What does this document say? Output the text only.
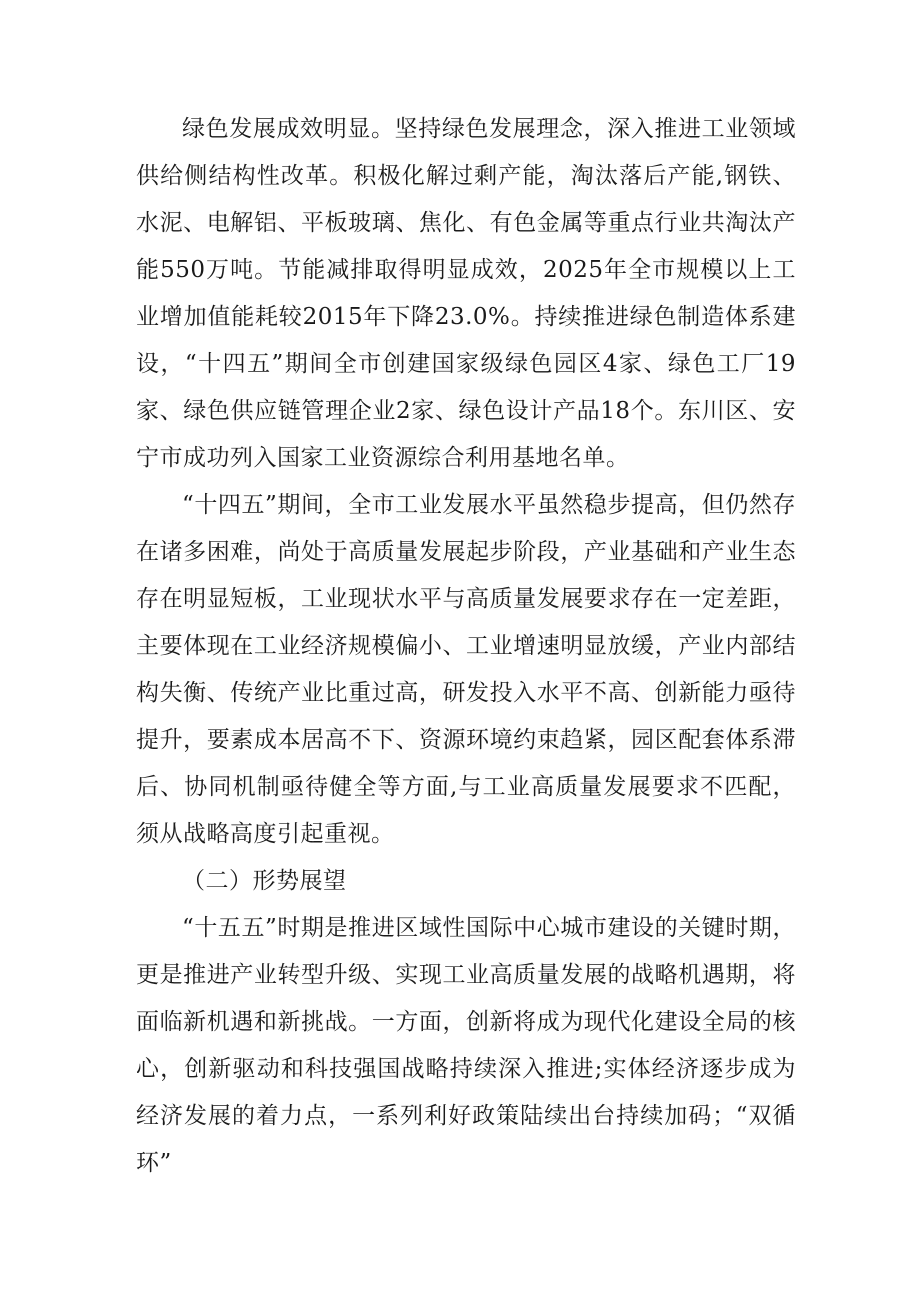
绿色发展成效明显。坚持绿色发展理念，深入推进工业领域供给侧结构性改革。积极化解过剩产能，淘汰落后产能,钢铁、水泥、电解铝、平板玻璃、焦化、有色金属等重点行业共淘汰产能550万吨。节能减排取得明显成效，2025年全市规模以上工业增加值能耗较2015年下降23.0%。持续推进绿色制造体系建设，“十四五”期间全市创建国家级绿色园区4家、绿色工厂19家、绿色供应链管理企业2家、绿色设计产品18个。东川区、安宁市成功列入国家工业资源综合利用基地名单。

“十四五”期间，全市工业发展水平虽然稳步提高，但仍然存在诸多困难，尚处于高质量发展起步阶段，产业基础和产业生态存在明显短板，工业现状水平与高质量发展要求存在一定差距，主要体现在工业经济规模偏小、工业增速明显放缓，产业内部结构失衡、传统产业比重过高，研发投入水平不高、创新能力亟待提升，要素成本居高不下、资源环境约束趋紧，园区配套体系滞后、协同机制亟待健全等方面,与工业高质量发展要求不匹配，须从战略高度引起重视。

（二）形势展望

“十五五”时期是推进区域性国际中心城市建设的关键时期，更是推进产业转型升级、实现工业高质量发展的战略机遇期，将面临新机遇和新挑战。一方面，创新将成为现代化建设全局的核心，创新驱动和科技强国战略持续深入推进;实体经济逐步成为经济发展的着力点，一系列利好政策陆续出台持续加码；“双循环”
